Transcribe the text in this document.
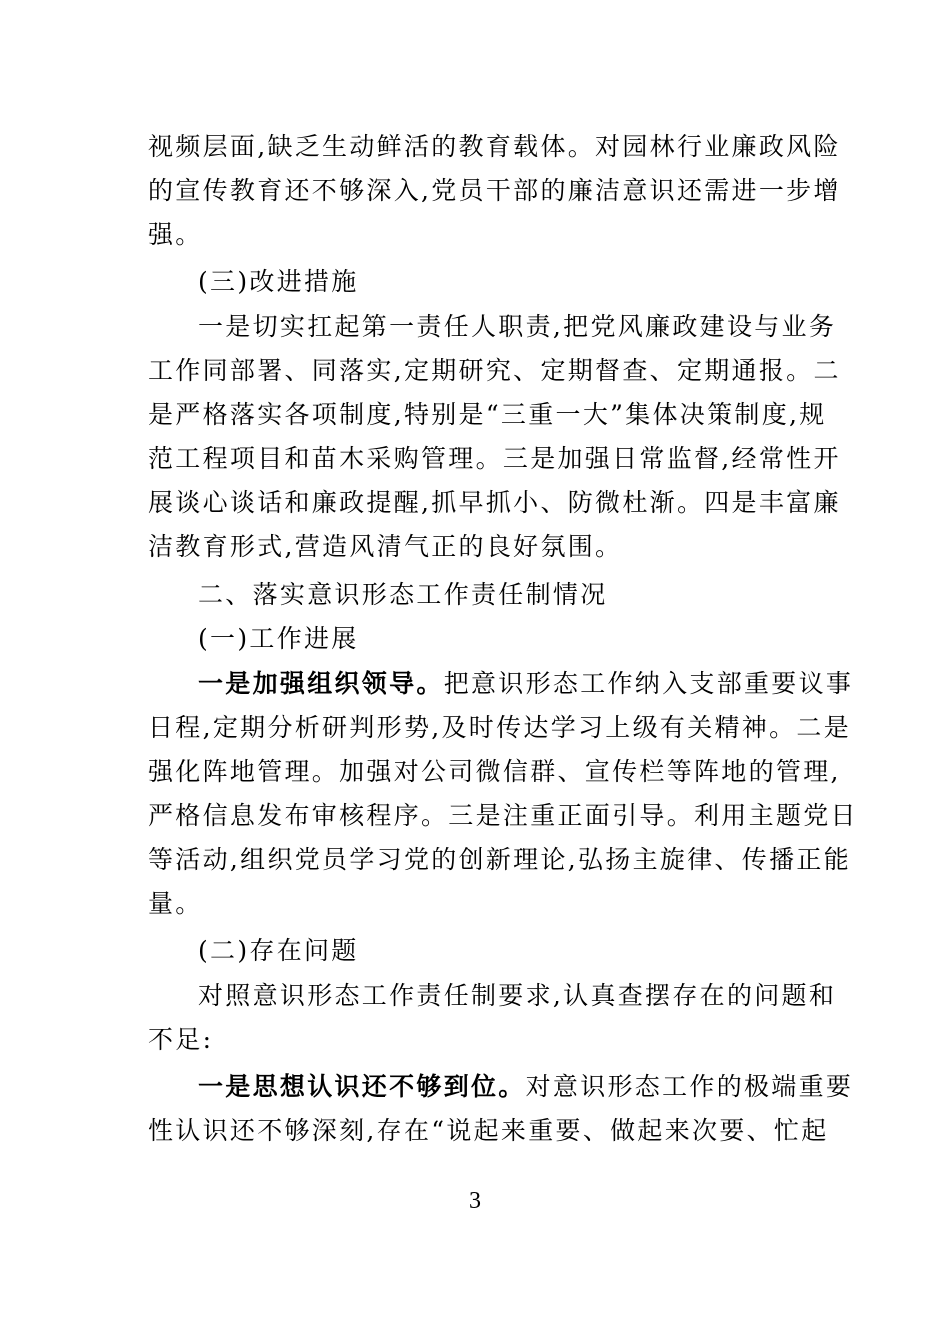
视频层面,缺乏生动鲜活的教育载体。对园林行业廉政风险
的宣传教育还不够深入,党员干部的廉洁意识还需进一步增
强。
(三)改进措施
一是切实扛起第一责任人职责,把党风廉政建设与业务
工作同部署、同落实,定期研究、定期督查、定期通报。二
是严格落实各项制度,特别是“三重一大”集体决策制度,规
范工程项目和苗木采购管理。三是加强日常监督,经常性开
展谈心谈话和廉政提醒,抓早抓小、防微杜渐。四是丰富廉
洁教育形式,营造风清气正的良好氛围。
二、落实意识形态工作责任制情况
(一)工作进展
一是加强组织领导。把意识形态工作纳入支部重要议事
日程,定期分析研判形势,及时传达学习上级有关精神。二是
强化阵地管理。加强对公司微信群、宣传栏等阵地的管理,
严格信息发布审核程序。三是注重正面引导。利用主题党日
等活动,组织党员学习党的创新理论,弘扬主旋律、传播正能
量。
(二)存在问题
对照意识形态工作责任制要求,认真查摆存在的问题和
不足:
一是思想认识还不够到位。对意识形态工作的极端重要
性认识还不够深刻,存在“说起来重要、做起来次要、忙起
3
